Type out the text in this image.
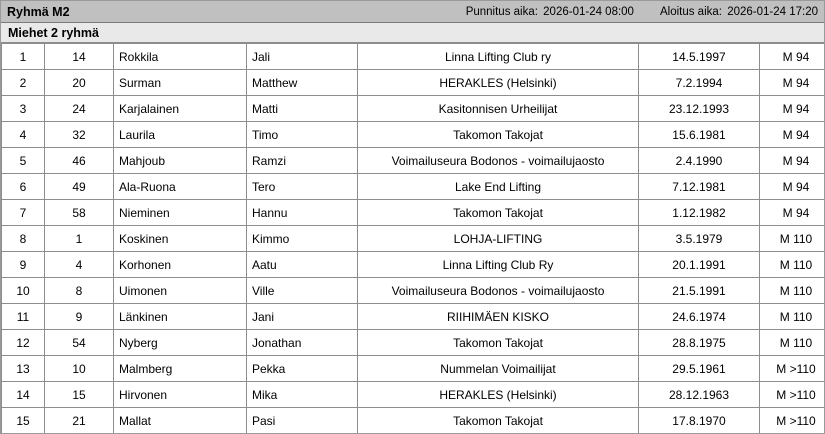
Ryhmä M2	Punnitus aika: 2026-01-24 08:00 Aloitus aika: 2026-01-24 17:20
Miehet 2 ryhmä
1	14	Rokkila	Jali	Linna Lifting Club ry	14.5.1997	M 94	
2	20	Surman	Matthew	HERAKLES (Helsinki)	7.2.1994	M 94	
3	24	Karjalainen	Matti	Kasitonnisen Urheilijat	23.12.1993	M 94	
4	32	Laurila	Timo	Takomon Takojat	15.6.1981	M 94	
5	46	Mahjoub	Ramzi	Voimailuseura Bodonos - voimailujaosto	2.4.1990	M 94	
6	49	Ala-Ruona	Tero	Lake End Lifting	7.12.1981	M 94	
7	58	Nieminen	Hannu	Takomon Takojat	1.12.1982	M 94	
8	1	Koskinen	Kimmo	LOHJA-LIFTING	3.5.1979	M 110	
9	4	Korhonen	Aatu	Linna Lifting Club Ry	20.1.1991	M 110	
10	8	Uimonen	Ville	Voimailuseura Bodonos - voimailujaosto	21.5.1991	M 110	
11	9	Länkinen	Jani	RIIHIMÄEN KISKO	24.6.1974	M 110	
12	54	Nyberg	Jonathan	Takomon Takojat	28.8.1975	M 110	
13	10	Malmberg	Pekka	Nummelan Voimailijat	29.5.1961	M >110	
14	15	Hirvonen	Mika	HERAKLES (Helsinki)	28.12.1963	M >110	
15	21	Mallat	Pasi	Takomon Takojat	17.8.1970	M >110	
